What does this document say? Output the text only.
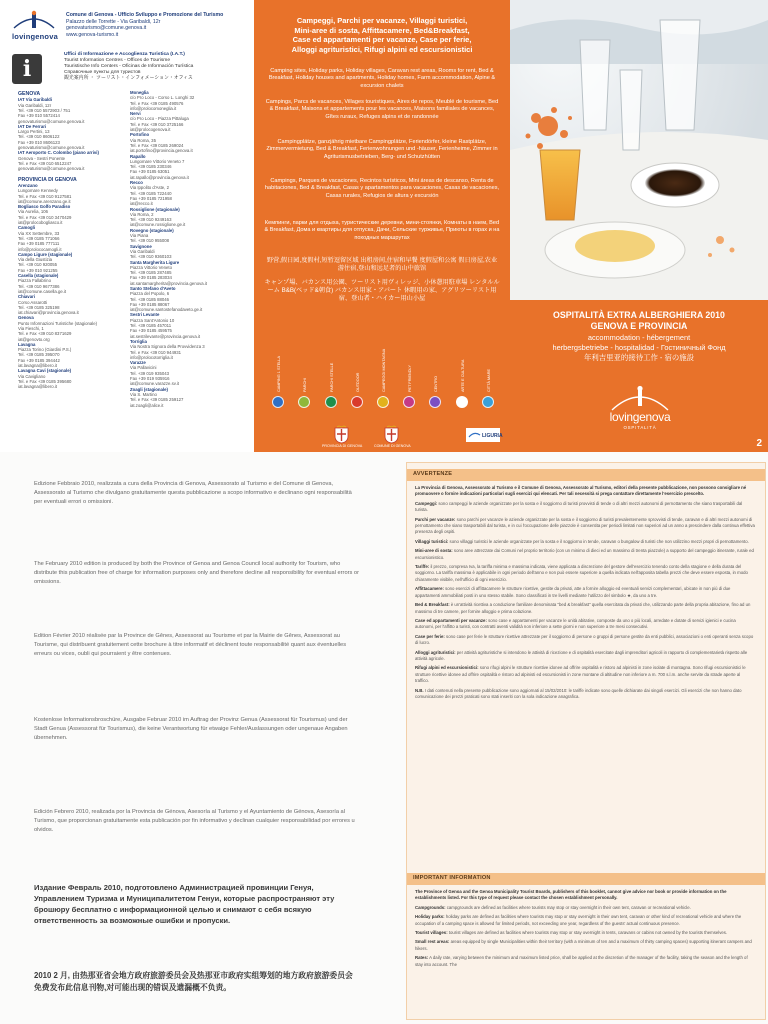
lovingenova
Comune di Genova - Ufficio Sviluppo e Promozione del Turismo
Palazzo delle Torrette - Via Garibaldi, 12r
genovaturismo@comune.genova.it
www.genova-turismo.it
i
Uffici di Informazione e Accoglienza Turistica (I.A.T.)
Tourist Information Centres - Offices de Tourisme
Touristische Info Centers - Oficinas de Información Turística
Справочные пункты для туристов
観光案内所 ・ ツーリスト・インフォメーション・オフィス
GENOVA
IAT Via Garibaldi
Via Garibaldi, 12r
Tel. +39 010 5572903 / 751
Fax +39 010 5572414
genovaturismo@comune.genova.it
IAT De Ferrari
Largo Pertini, 13
Tel. +39 010 8606122
Fax +39 010 8606123
genovaturismo@comune.genova.it
IAT Aeroporto C. Colombo (piano arrivi)
Genova - Sestri Ponente
Tel. e Fax +39 010 6512247
genovaturismo@comune.genova.it
PROVINCIA DI GENOVA
Arenzano
Lungomare Kennedy
Tel. e Fax +39 010 9127581
iat@comune.arenzano.ge.it
Bogliasco Golfo Paradiso
Via Aurelia, 106
Tel. e Fax +39 010 3470429
iat@prolocobogliasco.it
Camogli
Via XX Settembre, 33
Tel. +39 0185 771066
Fax +39 0185 777111
info@prolococamogli.it
Campo Ligure (stagionale)
Via della Giustizia
Tel. +39 010 920055
Fax +39 010 921255
Casella (stagionale)
Piazza Fallabrino
Tel. +39 010 9677386
iat@comune.casella.ge.it
Chiavari
Corso Assarotti
Tel. +39 0185 325198
iat.chiavari@provincia.genova.it
Genova
Punto Informazioni Turistiche (stagionale)
Via Fieschi, 1
Tel. e Fax +39 010 8371629
iat@genovto.org
Lavagna
Piazza Torino (Giardini P.S.)
Tel. +39 0185 395070
Fax +39 0185 394442
iat.lavagna@libero.it
Lavagna Cavi (stagionale)
Via Cavigliano
Tel. e Fax +39 0185 395680
iat.lavagna@libero.it
Moneglia
c/o Pro Loco - Corso L. Longhi 32
Tel. e Fax +39 0185 490576
info@prolocomoneglia.it
Nervi
c/o Pro Loco - Piazza Pittaluga
Tel. e Fax +39 010 3725166
iat@prolocogenova.it
Portofino
Via Roma, 35
Tel. e Fax +39 0185 269024
iat.portofino@provincia.genova.it
Rapallo
Lungomare Vittorio Veneto 7
Tel. +39 0185 230346
Fax +39 0185 63051
iat.rapallo@provincia.genova.it
Recco
Via Ippolito d'Aste, 2
Tel. +39 0185 722440
Fax +39 0185 721958
iat@recco.it
Rossiglione (stagionale)
Via Roma, 2
Tel. +39 010 9249163
iat@comune.rossiglione.ge.it
Rovegno (stagionale)
Via Piana
Tel. +39 010 955008
Savignone
Via Garibaldi
Tel. +39 010 9360103
Santa Margherita Ligure
Piazza Vittorio Veneto
Tel. +39 0185 287485
Fax +39 0185 283034
iat.santamargherita@provincia.genova.it
Santo Stefano d'Aveto
Piazza del Popolo, 6
Tel. +39 0185 88046
Fax +39 0185 88067
iat@comune.santostefanodaveto.ge.it
Sestri Levante
Piazza Sant'Antonio 10
Tel. +39 0185 457011
Fax +39 0185 459575
iat.sestrilevante@provincia.genova.it
Torriglia
Via Nostra Signora della Provvidenza 3
Tel. e Fax +39 010 944931
info@prolocotorriglia.it
Varazze
Via Pallavicini
Tel. +39 019 935043
Fax +39 019 935916
iat@comune.varazze.sv.it
Zoagli (stagionale)
Via S. Martino
Tel. e Fax +39 0185 259127
iat.zoagli@alice.it
Campeggi, Parchi per vacanze, Villaggi turistici,
Mini-aree di sosta, Affittacamere, Bed&Breakfast,
Case ed appartamenti per vacanze, Case per ferie,
Alloggi agrituristici, Rifugi alpini ed escursionistici
Camping sites, Holiday parks, Holiday villages, Caravan rest areas, Rooms for rent, Bed & Breakfast, Holiday houses and apartments, Holiday homes, Farm accommodation, Alpine & excursion chalets
Campings, Parcs de vacances, Villages touristiques, Aires de repos, Meublé de tourisme, Bed & Breakfast, Maisons et appartements pour les vacances, Maisons familiales de vacances, Gîtes ruraux, Refuges alpins et de randonnée
Campingplätze, ganzjährig mietbare Campingplätze, Feriendörfer, kleine Rastplätze, Zimmervermietung, Bed & Breakfast, Ferienwohnungen und -häuser, Ferienheime, Zimmer in Agriturismusbetrieben, Berg- und Schutzhütten
Campings, Parques de vacaciones, Recintos turísticos, Mini áreas de descanso, Renta de habitaciones, Bed & Breakfast, Casas y apartamentos para vacaciones, Casas de vacaciones, Casas rurales, Refugios de altura y excursión
Кемпинги, парки для отдыха, туристические деревни, мини-стоянки, Комнаты в наем, Bed & Breakfast, Дома и квартиры для отпуска, Дачи, Сельские турживье, Приюты в горах и на походных маршрутах
野营,假日园,度假村,短暂逗留区域 出租房间,住宿和早餐 度假屋和公寓 假日房屋,农业游住宿,登山和远足者的山中旅馆
キャンプ場、バカンス用公園、ツーリスト用ヴィレッジ、小休憩用駐車場 レンタルルーム B&B(ベッド&朝食) バカンス用家・アパート 休暇用の家、アグリツーリスト用宿、登山者・ハイカー用山小屋
CAMPING 1 STELLA	PARCHI	PARCHI STELLE	OUTDOOR	CAMPEGGI MONTAGNA	PET FRIENDLY	CENTRO	ARTE E CULTURA	CITTÀ MARE
PROVINCIA DI GENOVA	COMUNE DI GENOVA
LIGURIA
OSPITALITÀ EXTRA ALBERGHIERA 2010
GENOVA E PROVINCIA
accommodation - hébergement
herbergsbetriebe - hospitalidad - Гостиничный Фонд
年利吉里亚的接待工作 - 宿の施設
lovingenova
OSPITALITÀ
2
Edizione Febbraio 2010, realizzata a cura della Provincia di Genova, Assessorato al Turismo e del Comune di Genova, Assessorato al Turismo che divulgano gratuitamente questa pubblicazione a scopo informativo e declinano ogni responsabilità per eventuali errori o omissioni.
The February 2010 edition is produced by both the Province of Genoa and Genoa Council local authority for Tourism, who distribute this publication free of charge for information purposes only and therefore decline all responsibility for eventual errors or omissions.
Edition Février 2010 réalisée par la Province de Gênes, Assessorat au Tourisme et par la Mairie de Gênes, Assessorat au Tourisme, qui distribuent gratuitement cette brochure à titre informatif et déclinent toute responsabilité quant aux éventuelles erreurs ou vices, oubli qui pourraient y être contenues.
Kostenlose Informationsbroschüre, Ausgabe Februar 2010 im Auftrag der Provinz Genua (Assessorat für Tourismus) und der Stadt Genua (Assessorat für Tourismus), die keine Verantwortung für etwaige Fehler/Auslassungen oder ungenaue Angaben übernehmen.
Edición Febrero 2010, realizada por la Provincia de Génova, Asesoría al Turismo y el Ayuntamiento de Génova, Asesoría al Turismo, que proporcionan gratuitamente esta publicación por fin informativo y declinan cualquier responsabilidad por errores u olvidos.
Издание Февраль 2010, подготовлено Администрацией провинции Генуя, Управлением Туризма и Муниципалитетом Генуи, которые распространяют эту брошюру бесплатно с информационной целью и снимают с себя всякую ответственность за возможные ошибки и пропуски.
2010 2 月, 由热那亚省会地方政府旅游委员会及热那亚市政府实组筹划的地方政府旅游委员会免费发布此信息刊物,对可能出现的错误及遗漏概不负责。
AVVERTENZE
La Provincia di Genova, Assessorato al Turismo e il Comune di Genova, Assessorato al Turismo, editori della presente pubblicazione, non possono consigliare né promuovere o fornire indicazioni particolari sugli esercizi qui elencati. Per tali necessità si prega contattare direttamente l'esercizio prescelto.
Campeggi: sono campeggi le aziende organizzate per la sosta e il soggiorno di turisti provvisti di tende o di altri mezzi autonomi di pernottamento che siano trasportabili dal turista.
Parchi per vacanze: sono parchi per vacanze le aziende organizzate per la sosta e il soggiorno di turisti prevalentemente sprovvisti di tende, caravan e di altri mezzi autonomi di pernottamento che siano trasportabili dal turista, e in cui l'occupazione delle piazzole è consentita per periodi limitati non superiori ad un anno a prescindere dalla continua effettiva presenza degli ospiti.
Villaggi turistici: sono villaggi turistici le aziende organizzate per la sosta e il soggiorno in tende, caravan o bungalow di turisti che non utilizzino mezzi propri di pernottamento.
Mini-aree di sosta: sono aree attrezzate dai Comuni nel proprio territorio (con un minimo di dieci ed un massimo di trenta piazzole) a supporto del campeggio itinerante, rurale ed escursionistico.
Tariffe: il prezzo, compresa Iva, la tariffa minima e massima indicata, viene applicata a discrezione del gestore dell'esercizio tenendo conto della stagione e della durata del soggiorno. La tariffa massima è applicabile in ogni periodo dell'anno e non può essere superiore a quella indicata nell'apposita tabella prezzi che deve essere esposta, in modo chiaramente visibile, nell'ufficio di ogni esercizio.
Affittacamere: sono esercizi di affittacamere le strutture ricettive, gestite da privati, atte a fornire alloggio ed eventuali servizi complementari, ubicate in non più di due appartamenti ammobiliati posti in uno stesso stabile. Sono classificati in tre livelli mediante l'utilizzo del simbolo ★, da uno a tre.
Bed & Breakfast: è un'attività ricettiva a conduzione familiare denominata "bed & breakfast" quella esercitata da privati che, utilizzando parte della propria abitazione, fino ad un massimo di tre camere, per fornire alloggio e prima colazione.
Case ed appartamenti per vacanze: sono case e appartamenti per vacanze le unità abitative, composte da uno o più locali, arredate e dotate di servizi igienici e cucina autonomi, per l'affitto a turisti, con contratti aventi validità non inferiore a sette giorni e non superiore a tre mesi consecutivi.
Case per ferie: sono case per ferie le strutture ricettive attrezzate per il soggiorno di persone o gruppi di persone gestite da enti pubblici, associazioni o enti operanti senza scopo di lucro.
Alloggi agrituristici: per attività agrituristiche si intendono le attività di ricezione e di ospitalità esercitate dagli imprenditori agricoli in rapporto di complementarietà rispetto alle attività agricole.
Rifugi alpini ed escursionistici: sono rifugi alpini le strutture ricettive idonee ad offrire ospitalità e ristoro ad alpinisti in zone isolate di montagna. Sono rifugi escursionistici le strutture ricettive idonee ad offrire ospitalità e ristoro ad alpinisti ed escursionisti in zone montane di altitudine non inferiore a m. 700 s.l.m. anche servite da strade aperte al traffico.
N.B. I dati contenuti nella presente pubblicazione sono aggiornati al 15/02/2010: le tariffe indicate sono quelle dichiarate dai singoli esercizi. Gli esercizi che non hanno dato comunicazione dei prezzi praticati sono stati inseriti con la sola indicazione anagrafica.
IMPORTANT INFORMATION
The Province of Genoa and the Genoa Municipality Tourist Boards, publishers of this booklet, cannot give advice nor book or provide information on the establishments listed. For this type of request please contact the chosen establishment personally.
Campgrounds: campgrounds are defined as facilities where tourists may stop or stay overnight in their own tent, caravan or recreational vehicle.
Holiday parks: holiday parks are defined as facilities where tourists may stop or stay overnight in their own tent, caravan or other kind of recreational vehicle and where the occupation of a camping space is allowed for limited periods, not exceeding one year, regardless of the guests' actual continuous presence.
Tourist villages: tourist villages are defined as facilities where tourists may stop or stay overnight in tents, caravans or cabins not owned by the tourists themselves.
Small rest areas: areas equipped by single Municipalities within their territory (with a minimum of ten and a maximum of thirty camping spaces) supporting itinerant campers and hikers.
Rates: A daily rate, varying between the minimum and maximum listed price, shall be applied at the discretion of the manager of the facility, taking the season and the length of stay into account. The
